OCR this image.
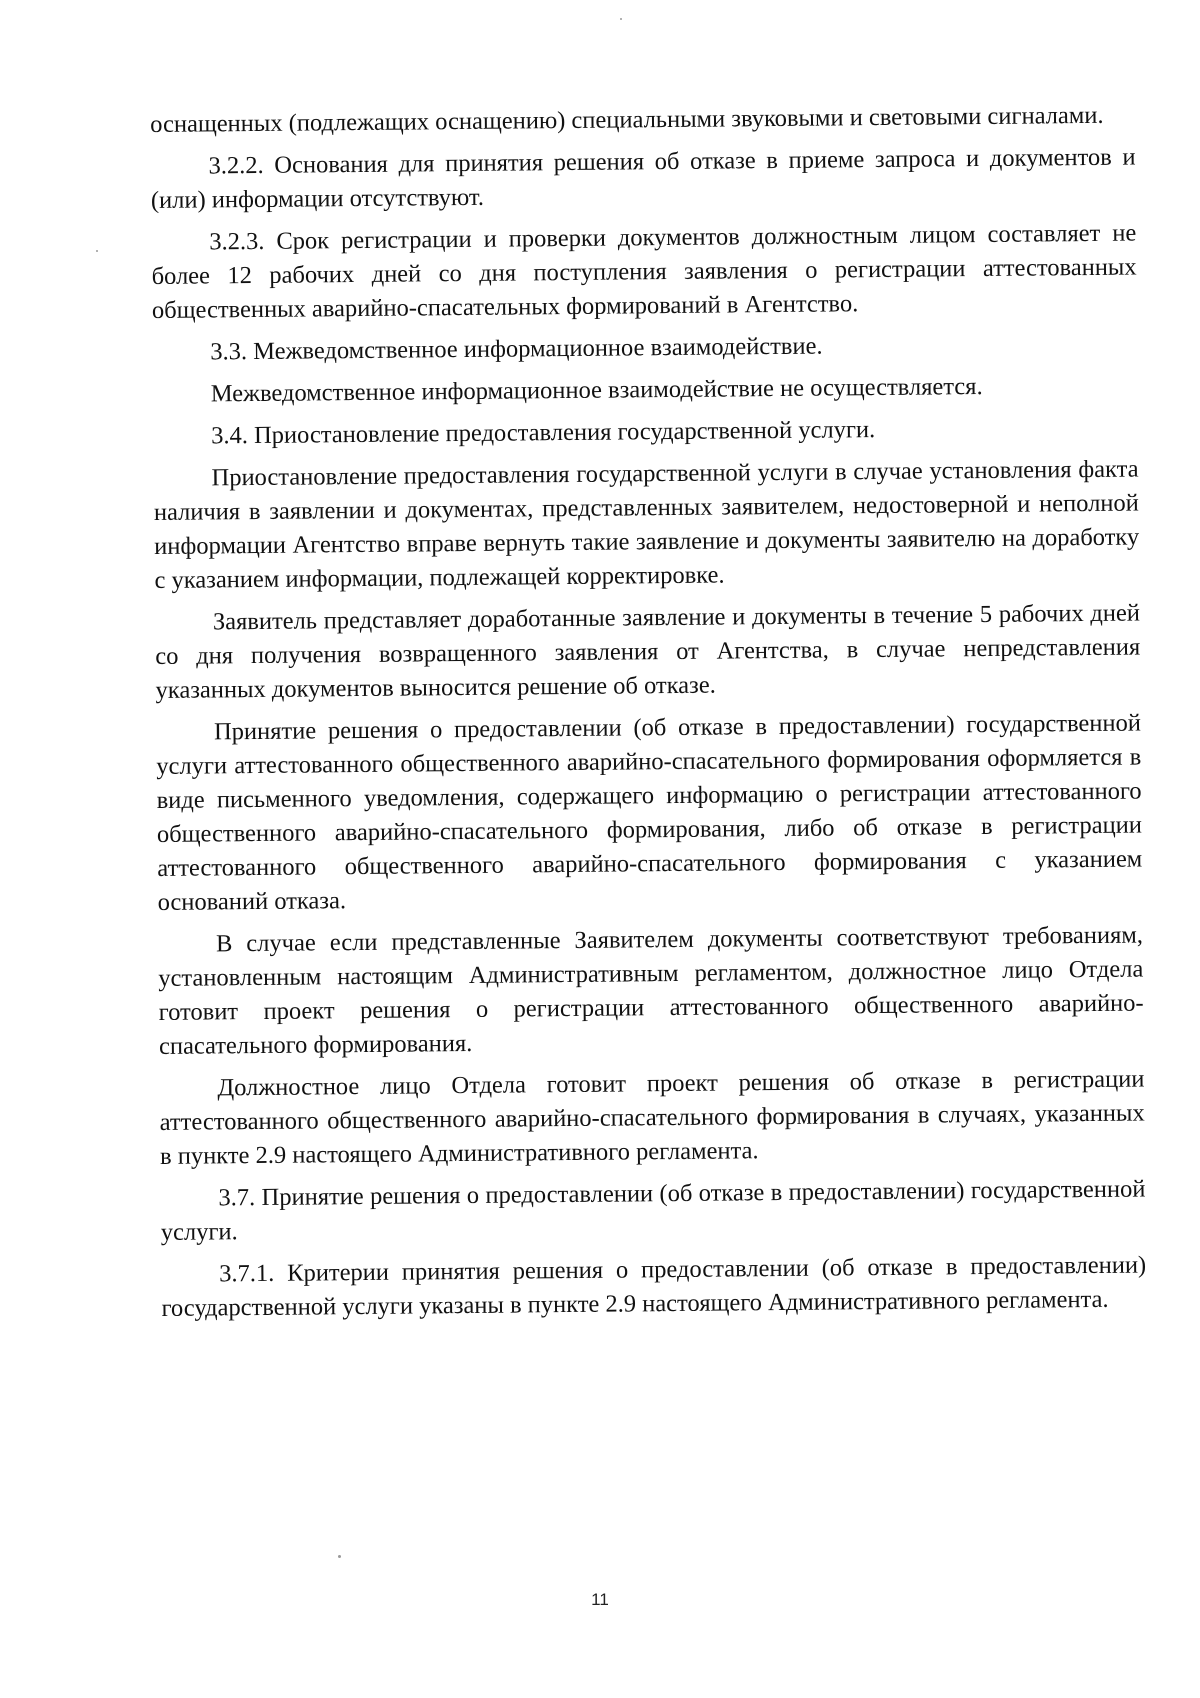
оснащенных (подлежащих оснащению) специальными звуковыми и световыми сигналами.

3.2.2. Основания для принятия решения об отказе в приеме запроса и документов и (или) информации отсутствуют.

3.2.3. Срок регистрации и проверки документов должностным лицом составляет не более 12 рабочих дней со дня поступления заявления о регистрации аттестованных общественных аварийно-спасательных формирований в Агентство.

3.3. Межведомственное информационное взаимодействие.

Межведомственное информационное взаимодействие не осуществляется.

3.4. Приостановление предоставления государственной услуги.

Приостановление предоставления государственной услуги в случае установления факта наличия в заявлении и документах, представленных заявителем, недостоверной и неполной информации Агентство вправе вернуть такие заявление и документы заявителю на доработку с указанием информации, подлежащей корректировке.

Заявитель представляет доработанные заявление и документы в течение 5 рабочих дней со дня получения возвращенного заявления от Агентства, в случае непредставления указанных документов выносится решение об отказе.

Принятие решения о предоставлении (об отказе в предоставлении) государственной услуги аттестованного общественного аварийно-спасательного формирования оформляется в виде письменного уведомления, содержащего информацию о регистрации аттестованного общественного аварийно-спасательного формирования, либо об отказе в регистрации аттестованного общественного аварийно-спасательного формирования с указанием оснований отказа.

В случае если представленные Заявителем документы соответствуют требованиям, установленным настоящим Административным регламентом, должностное лицо Отдела готовит проект решения о регистрации аттестованного общественного аварийно-спасательного формирования.

Должностное лицо Отдела готовит проект решения об отказе в регистрации аттестованного общественного аварийно-спасательного формирования в случаях, указанных в пункте 2.9 настоящего Административного регламента.

3.7. Принятие решения о предоставлении (об отказе в предоставлении) государственной услуги.

3.7.1. Критерии принятия решения о предоставлении (об отказе в предоставлении) государственной услуги указаны в пункте 2.9 настоящего Административного регламента.

11
